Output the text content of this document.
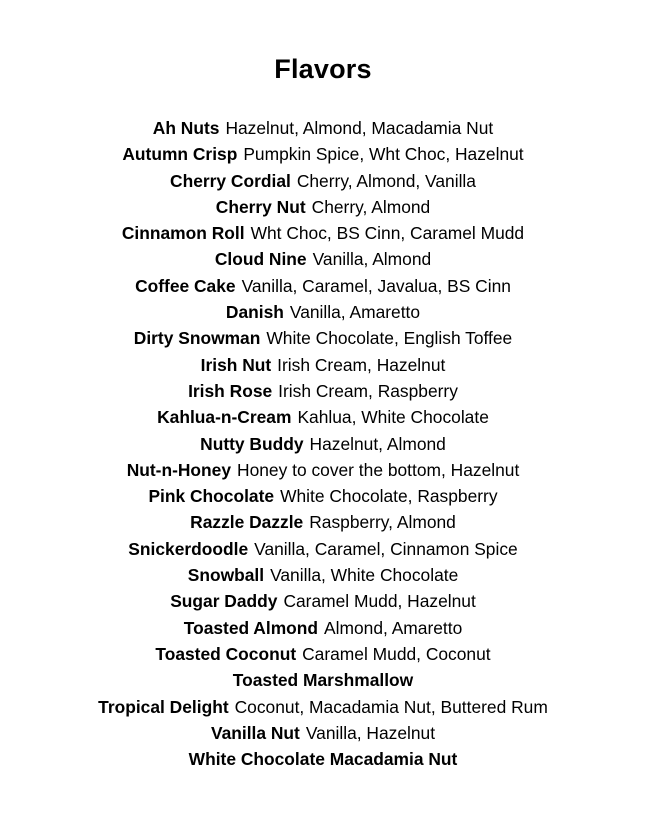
Flavors
Ah Nuts Hazelnut, Almond, Macadamia Nut
Autumn Crisp Pumpkin Spice, Wht Choc, Hazelnut
Cherry Cordial Cherry, Almond, Vanilla
Cherry Nut Cherry, Almond
Cinnamon Roll Wht Choc, BS Cinn, Caramel Mudd
Cloud Nine Vanilla, Almond
Coffee Cake Vanilla, Caramel, Javalua, BS Cinn
Danish Vanilla, Amaretto
Dirty Snowman White Chocolate, English Toffee
Irish Nut Irish Cream, Hazelnut
Irish Rose Irish Cream, Raspberry
Kahlua-n-Cream Kahlua, White Chocolate
Nutty Buddy Hazelnut, Almond
Nut-n-Honey Honey to cover the bottom, Hazelnut
Pink Chocolate White Chocolate, Raspberry
Razzle Dazzle Raspberry, Almond
Snickerdoodle Vanilla, Caramel, Cinnamon Spice
Snowball Vanilla, White Chocolate
Sugar Daddy Caramel Mudd, Hazelnut
Toasted Almond Almond, Amaretto
Toasted Coconut Caramel Mudd, Coconut
Toasted Marshmallow
Tropical Delight Coconut, Macadamia Nut, Buttered Rum
Vanilla Nut Vanilla, Hazelnut
White Chocolate Macadamia Nut
